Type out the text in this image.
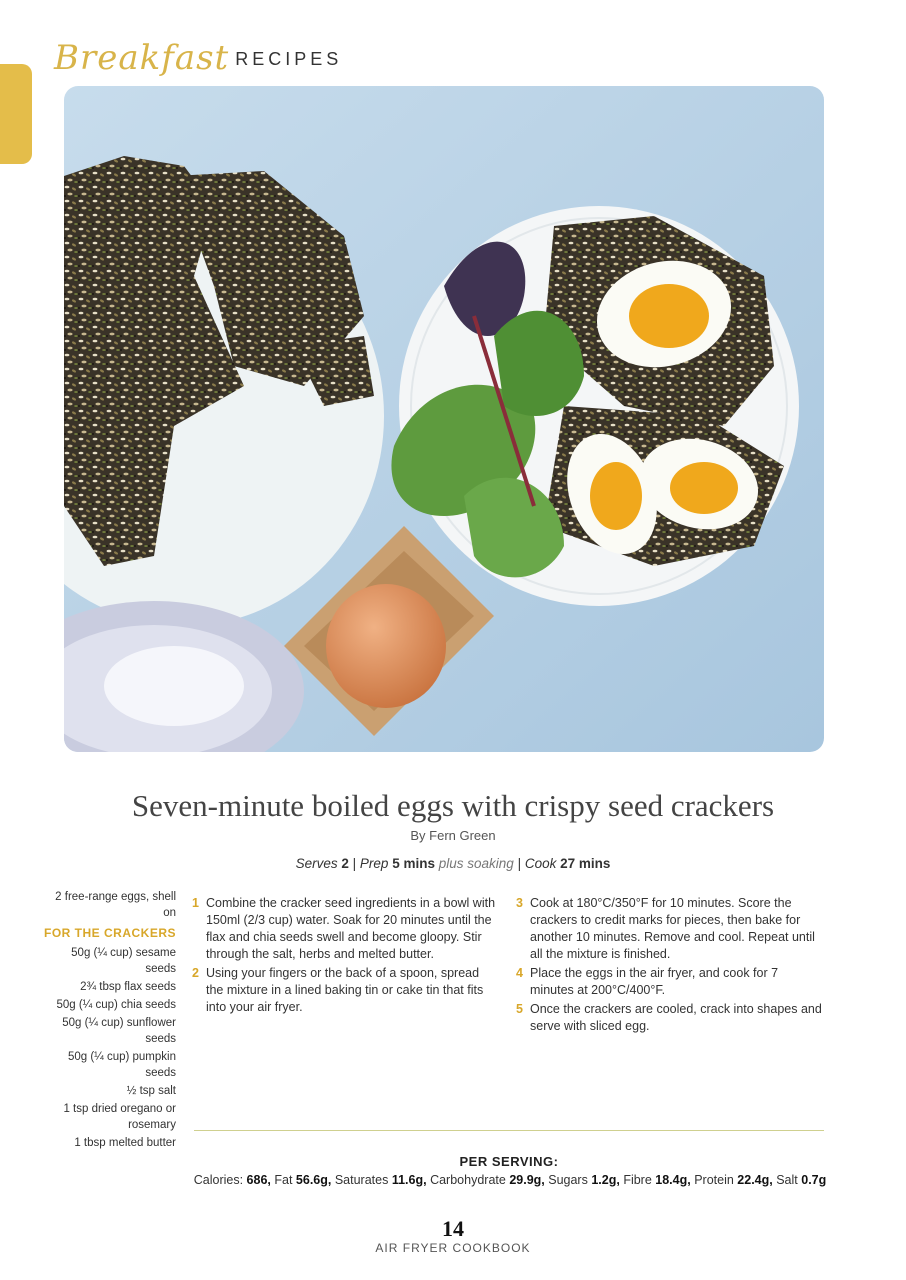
Breakfast RECIPES
Seven-minute boiled eggs with crispy seed crackers
By Fern Green
Serves 2 | Prep 5 mins plus soaking | Cook 27 mins
2 free-range eggs, shell on
FOR THE CRACKERS
50g (¼ cup) sesame seeds
2¾ tbsp flax seeds
50g (¼ cup) chia seeds
50g (¼ cup) sunflower seeds
50g (¼ cup) pumpkin seeds
½ tsp salt
1 tsp dried oregano or rosemary
1 tbsp melted butter
1 Combine the cracker seed ingredients in a bowl with 150ml (2/3 cup) water. Soak for 20 minutes until the flax and chia seeds swell and become gloopy. Stir through the salt, herbs and melted butter.
2 Using your fingers or the back of a spoon, spread the mixture in a lined baking tin or cake tin that fits into your air fryer.
3 Cook at 180°C/350°F for 10 minutes. Score the crackers to credit marks for pieces, then bake for another 10 minutes. Remove and cool. Repeat until all the mixture is finished.
4 Place the eggs in the air fryer, and cook for 7 minutes at 200°C/400°F.
5 Once the crackers are cooled, crack into shapes and serve with sliced egg.
PER SERVING:
Calories: 686, Fat 56.6g, Saturates 11.6g, Carbohydrate 29.9g, Sugars 1.2g, Fibre 18.4g, Protein 22.4g, Salt 0.7g
14
AIR FRYER COOKBOOK
